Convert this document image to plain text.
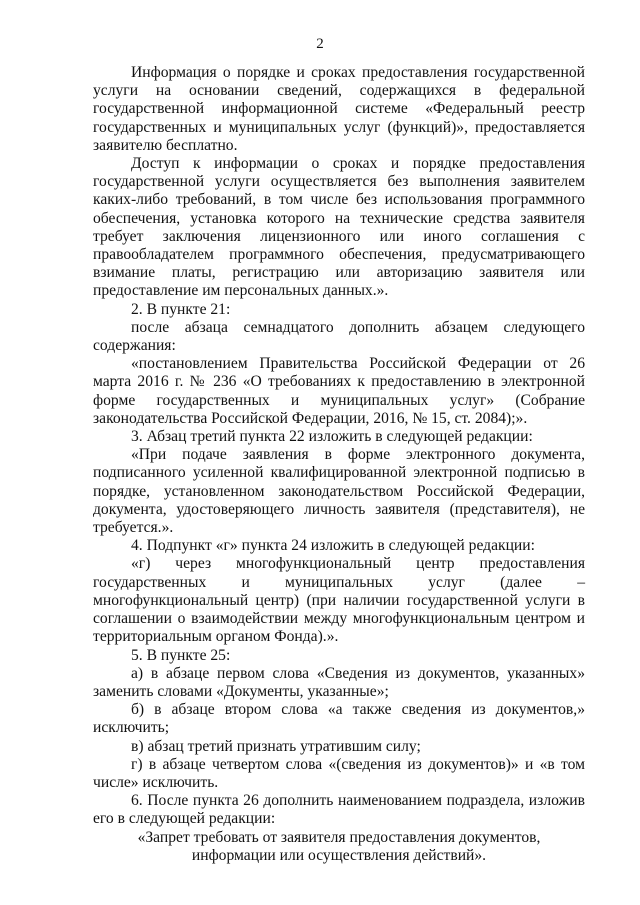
2

Информация о порядке и сроках предоставления государственной услуги на основании сведений, содержащихся в федеральной государственной информационной системе «Федеральный реестр государственных и муниципальных услуг (функций)», предоставляется заявителю бесплатно.

Доступ к информации о сроках и порядке предоставления государственной услуги осуществляется без выполнения заявителем каких-либо требований, в том числе без использования программного обеспечения, установка которого на технические средства заявителя требует заключения лицензионного или иного соглашения с правообладателем программного обеспечения, предусматривающего взимание платы, регистрацию или авторизацию заявителя или предоставление им персональных данных.».

2. В пункте 21:

после абзаца семнадцатого дополнить абзацем следующего содержания:

«постановлением Правительства Российской Федерации от 26 марта 2016 г. № 236 «О требованиях к предоставлению в электронной форме государственных и муниципальных услуг» (Собрание законодательства Российской Федерации, 2016, № 15, ст. 2084);».

3. Абзац третий пункта 22 изложить в следующей редакции:

«При подаче заявления в форме электронного документа, подписанного усиленной квалифицированной электронной подписью в порядке, установленном законодательством Российской Федерации, документа, удостоверяющего личность заявителя (представителя), не требуется.».

4. Подпункт «г» пункта 24 изложить в следующей редакции:

«г) через многофункциональный центр предоставления государственных и муниципальных услуг (далее – многофункциональный центр) (при наличии государственной услуги в соглашении о взаимодействии между многофункциональным центром и территориальным органом Фонда).».

5. В пункте 25:

а) в абзаце первом слова «Сведения из документов, указанных» заменить словами «Документы, указанные»;

б) в абзаце втором слова «а также сведения из документов,» исключить;

в) абзац третий признать утратившим силу;

г) в абзаце четвертом слова «(сведения из документов)» и «в том числе» исключить.

6. После пункта 26 дополнить наименованием подраздела, изложив его в следующей редакции:

«Запрет требовать от заявителя предоставления документов, информации или осуществления действий».
